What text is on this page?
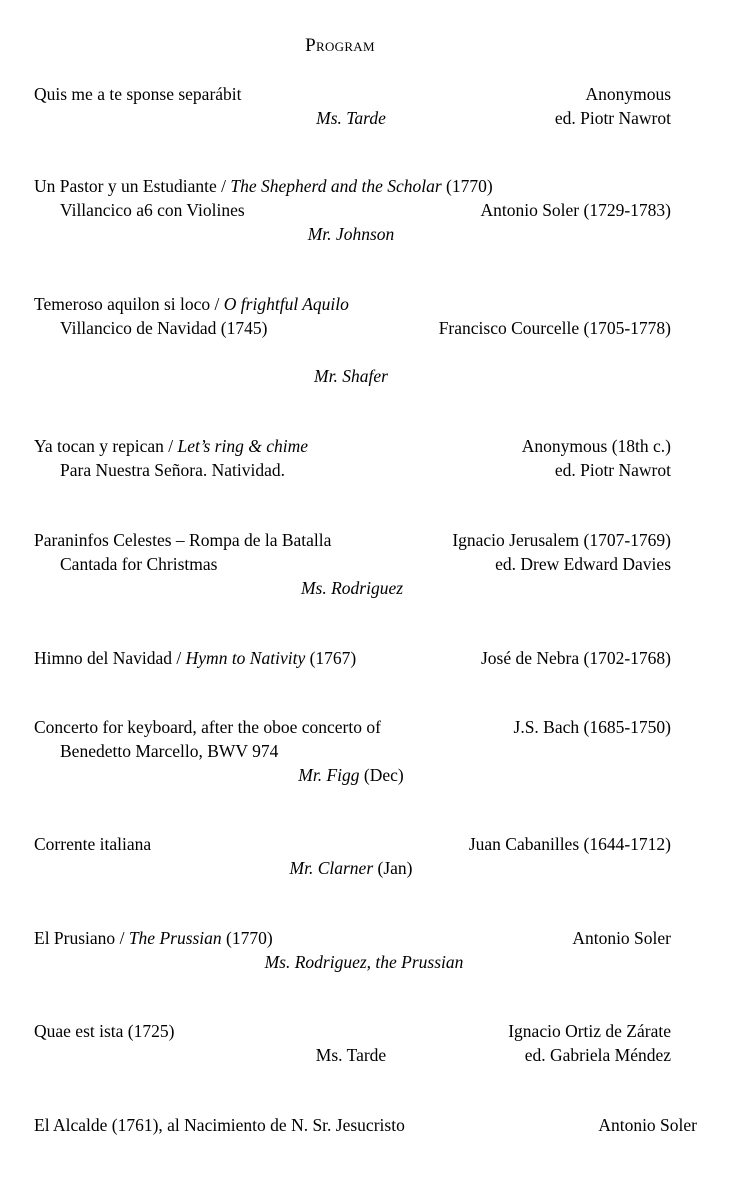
Program
Quis me a te sponse separábit	Anonymous
Ms. Tarde	ed. Piotr Nawrot
Un Pastor y un Estudiante / The Shepherd and the Scholar (1770)
Villancico a6 con Violines	Antonio Soler (1729-1783)
Mr. Johnson
Temeroso aquilon si loco / O frightful Aquilo
Villancico de Navidad (1745)	Francisco Courcelle (1705-1778)
Mr. Shafer
Ya tocan y repican / Let’s ring & chime	Anonymous (18th c.)
Para Nuestra Señora. Natividad.	ed. Piotr Nawrot
Paraninfos Celestes – Rompa de la Batalla	Ignacio Jerusalem (1707-1769)
Cantada for Christmas	ed. Drew Edward Davies
Ms. Rodriguez
Himno del Navidad / Hymn to Nativity (1767)	José de Nebra (1702-1768)
Concerto for keyboard, after the oboe concerto of	J.S. Bach (1685-1750)
Benedetto Marcello, BWV 974
Mr. Figg (Dec)
Corrente italiana	Juan Cabanilles (1644-1712)
Mr. Clarner (Jan)
El Prusiano / The Prussian (1770)	Antonio Soler
Ms. Rodriguez, the Prussian
Quae est ista (1725)	Ignacio Ortiz de Zárate
Ms. Tarde	ed. Gabriela Méndez
El Alcalde (1761), al Nacimiento de N. Sr. Jesucristo	Antonio Soler
